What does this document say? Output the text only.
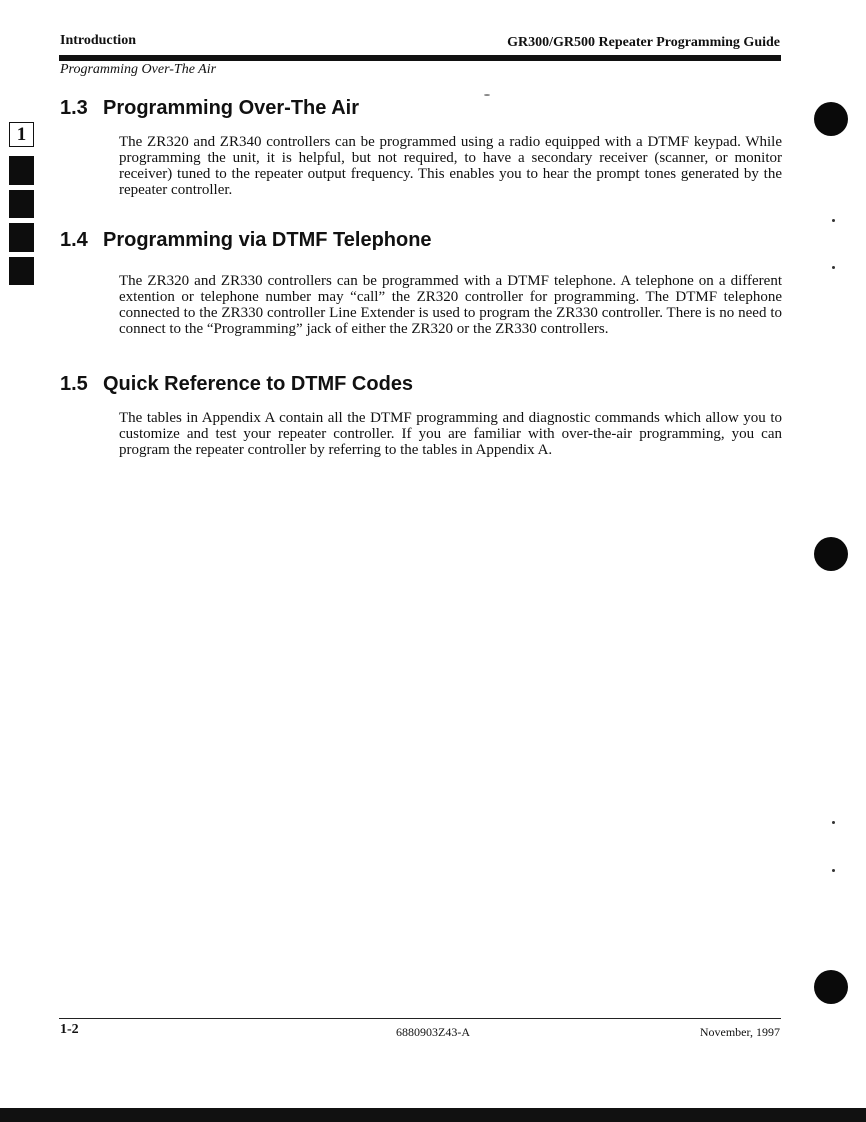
Introduction	GR300/GR500 Repeater Programming Guide
Programming Over-The Air
1
1.3 Programming Over-The Air

The ZR320 and ZR340 controllers can be programmed using a radio equipped with a DTMF keypad. While programming the unit, it is helpful, but not required, to have a secondary receiver (scanner, or monitor receiver) tuned to the repeater output frequency. This enables you to hear the prompt tones generated by the repeater controller.

1.4 Programming via DTMF Telephone

The ZR320 and ZR330 controllers can be programmed with a DTMF telephone. A telephone on a different extention or telephone number may “call” the ZR320 controller for programming. The DTMF telephone connected to the ZR330 controller Line Extender is used to program the ZR330 controller. There is no need to connect to the “Programming” jack of either the ZR320 or the ZR330 controllers.

1.5 Quick Reference to DTMF Codes

The tables in Appendix A contain all the DTMF programming and diagnostic commands which allow you to customize and test your repeater controller. If you are familiar with over-the-air programming, you can program the repeater controller by referring to the tables in Appendix A.

1-2	6880903Z43-A	November, 1997
